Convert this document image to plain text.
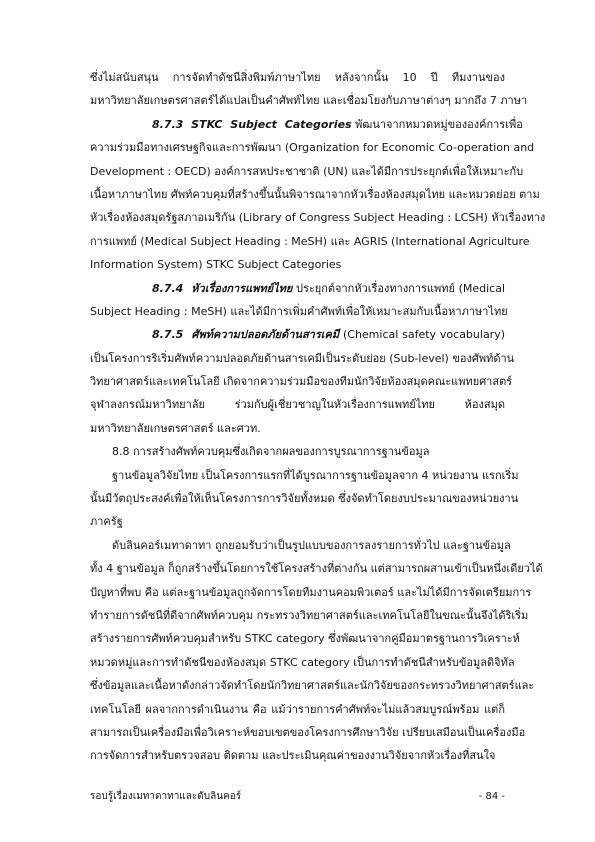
ซึ่งไม่สนับสนุน การจัดทำดัชนีสิ่งพิมพ์ภาษาไทย หลังจากนั้น 10 ปี ทีมงานของ
มหาวิทยาลัยเกษตรศาสตร์ได้แปลเป็นคำศัพท์ไทย และเชื่อมโยงกับภาษาต่างๆ มากถึง 7 ภาษา
8.7.3 STKC Subject Categories พัฒนาจากหมวดหมู่ขององค์การเพื่อ
ความร่วมมือทางเศรษฐกิจและการพัฒนา (Organization for Economic Co-operation and
Development : OECD) องค์การสหประชาชาติ (UN) และได้มีการประยุกต์เพื่อให้เหมาะกับ
เนื้อหาภาษาไทย ศัพท์ควบคุมที่สร้างขึ้นนั้นพิจารณาจากหัวเรื่องห้องสมุดไทย และหมวดย่อย ตาม
หัวเรื่องห้องสมุดรัฐสภาอเมริกัน (Library of Congress Subject Heading : LCSH) หัวเรื่องทาง
การแพทย์ (Medical Subject Heading : MeSH) และ AGRIS (International Agriculture
Information System) STKC Subject Categories
8.7.4 หัวเรื่องการแพทย์ไทย ประยุกต์จากหัวเรื่องทางการแพทย์ (Medical
Subject Heading : MeSH) และได้มีการเพิ่มคำศัพท์เพื่อให้เหมาะสมกับเนื้อหาภาษาไทย
8.7.5 ศัพท์ความปลอดภัยด้านสารเคมี (Chemical safety vocabulary)
เป็นโครงการริเริ่มศัพท์ความปลอดภัยด้านสารเคมีเป็นระดับย่อย (Sub-level) ของศัพท์ด้าน
วิทยาศาสตร์และเทคโนโลยี เกิดจากความร่วมมือของทีมนักวิจัยห้องสมุดคณะแพทยศาสตร์
จุฬาลงกรณ์มหาวิทยาลัย ร่วมกับผู้เชี่ยวชาญในหัวเรื่องการแพทย์ไทย ห้องสมุด
มหาวิทยาลัยเกษตรศาสตร์ และศวท.
8.8 การสร้างศัพท์ควบคุมซึ่งเกิดจากผลของการบูรณาการฐานข้อมูล
ฐานข้อมูลวิจัยไทย เป็นโครงการแรกที่ได้บูรณาการฐานข้อมูลจาก 4 หน่วยงาน แรกเริ่ม
นั้นมีวัตถุประสงค์เพื่อให้เห็นโครงการการวิจัยทั้งหมด ซึ่งจัดทำโดยงบประมาณของหน่วยงาน
ภาครัฐ
ดับลินคอร์เมทาดาทา ถูกยอมรับว่าเป็นรูปแบบของการลงรายการทั่วไป และฐานข้อมูล
ทั้ง 4 ฐานข้อมูล ก็ถูกสร้างขึ้นโดยการใช้โครงสร้างที่ต่างกัน แต่สามารถผสานเข้าเป็นหนึ่งเดียวได้
ปัญหาที่พบ คือ แต่ละฐานข้อมูลถูกจัดการโดยทีมงานคอมพิวเตอร์ และไม่ได้มีการจัดเตรียมการ
ทำรายการดัชนีที่ดีจากศัพท์ควบคุม กระทรวงวิทยาศาสตร์และเทคโนโลยีในขณะนั้นจึงได้ริเริ่ม
สร้างรายการศัพท์ควบคุมสำหรับ STKC category ซึ่งพัฒนาจากคู่มือมาตรฐานการวิเคราะห์
หมวดหมู่และการทำดัชนีของห้องสมุด STKC category เป็นการทำดัชนีสำหรับข้อมูลดิจิทัล
ซึ่งข้อมูลและเนื้อหาดังกล่าวจัดทำโดยนักวิทยาศาสตร์และนักวิจัยของกระทรวงวิทยาศาสตร์และ
เทคโนโลยี ผลจากการดำเนินงาน คือ แม้ว่ารายการคำศัพท์จะไม่แล้วสมบูรณ์พร้อม แต่ก็
สามารถเป็นเครื่องมือเพื่อวิเคราะห์ขอบเขตของโครงการศึกษาวิจัย เปรียบเสมือนเป็นเครื่องมือ
การจัดการสำหรับตรวจสอบ ติดตาม และประเมินคุณค่าของงานวิจัยจากหัวเรื่องที่สนใจ
รอบรู้เรื่องเมทาดาทาและดับลินคอร์	- 84 -
